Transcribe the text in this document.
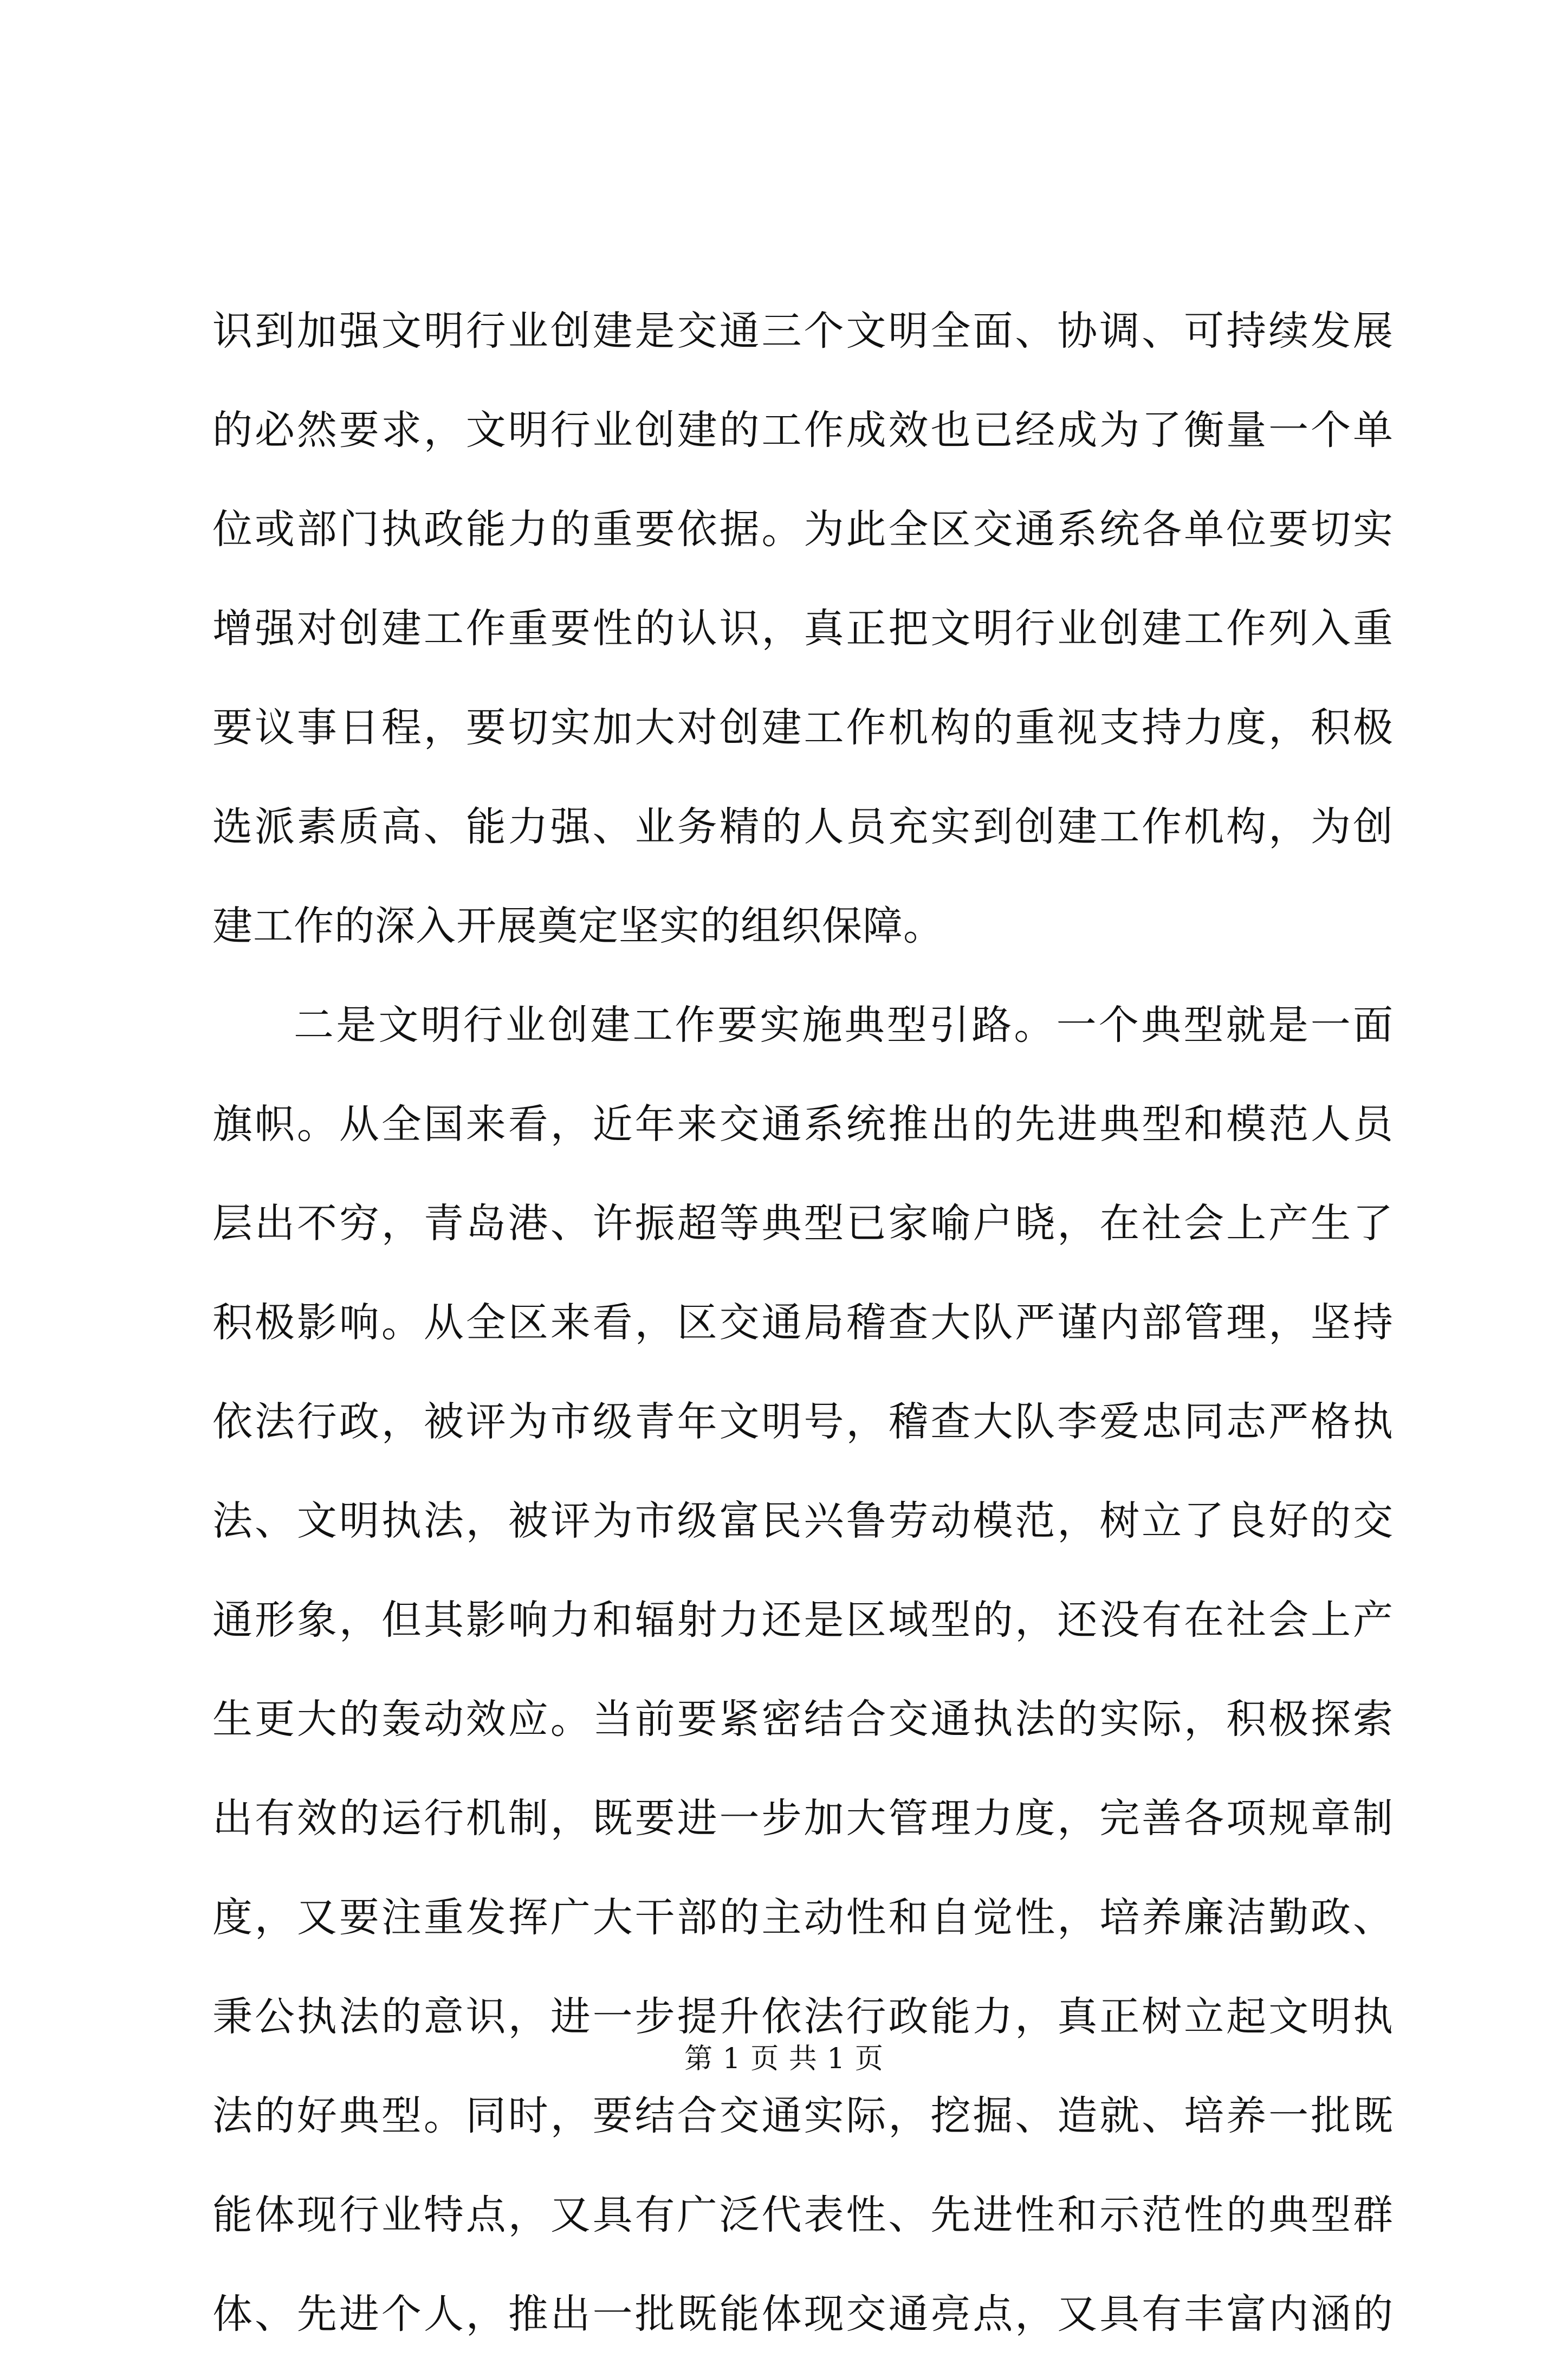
识到加强文明行业创建是交通三个文明全面、协调、可持续发展
的必然要求，文明行业创建的工作成效也已经成为了衡量一个单
位或部门执政能力的重要依据。为此全区交通系统各单位要切实
增强对创建工作重要性的认识，真正把文明行业创建工作列入重
要议事日程，要切实加大对创建工作机构的重视支持力度，积极
选派素质高、能力强、业务精的人员充实到创建工作机构，为创
建工作的深入开展奠定坚实的组织保障。
二是文明行业创建工作要实施典型引路。一个典型就是一面
旗帜。从全国来看，近年来交通系统推出的先进典型和模范人员
层出不穷，青岛港、许振超等典型已家喻户晓，在社会上产生了
积极影响。从全区来看，区交通局稽查大队严谨内部管理，坚持
依法行政，被评为市级青年文明号，稽查大队李爱忠同志严格执
法、文明执法，被评为市级富民兴鲁劳动模范，树立了良好的交
通形象，但其影响力和辐射力还是区域型的，还没有在社会上产
生更大的轰动效应。当前要紧密结合交通执法的实际，积极探索
出有效的运行机制，既要进一步加大管理力度，完善各项规章制
度，又要注重发挥广大干部的主动性和自觉性，培养廉洁勤政、
秉公执法的意识，进一步提升依法行政能力，真正树立起文明执
法的好典型。同时，要结合交通实际，挖掘、造就、培养一批既
能体现行业特点，又具有广泛代表性、先进性和示范性的典型群
体、先进个人，推出一批既能体现交通亮点，又具有丰富内涵的
第 1 页 共 1 页
